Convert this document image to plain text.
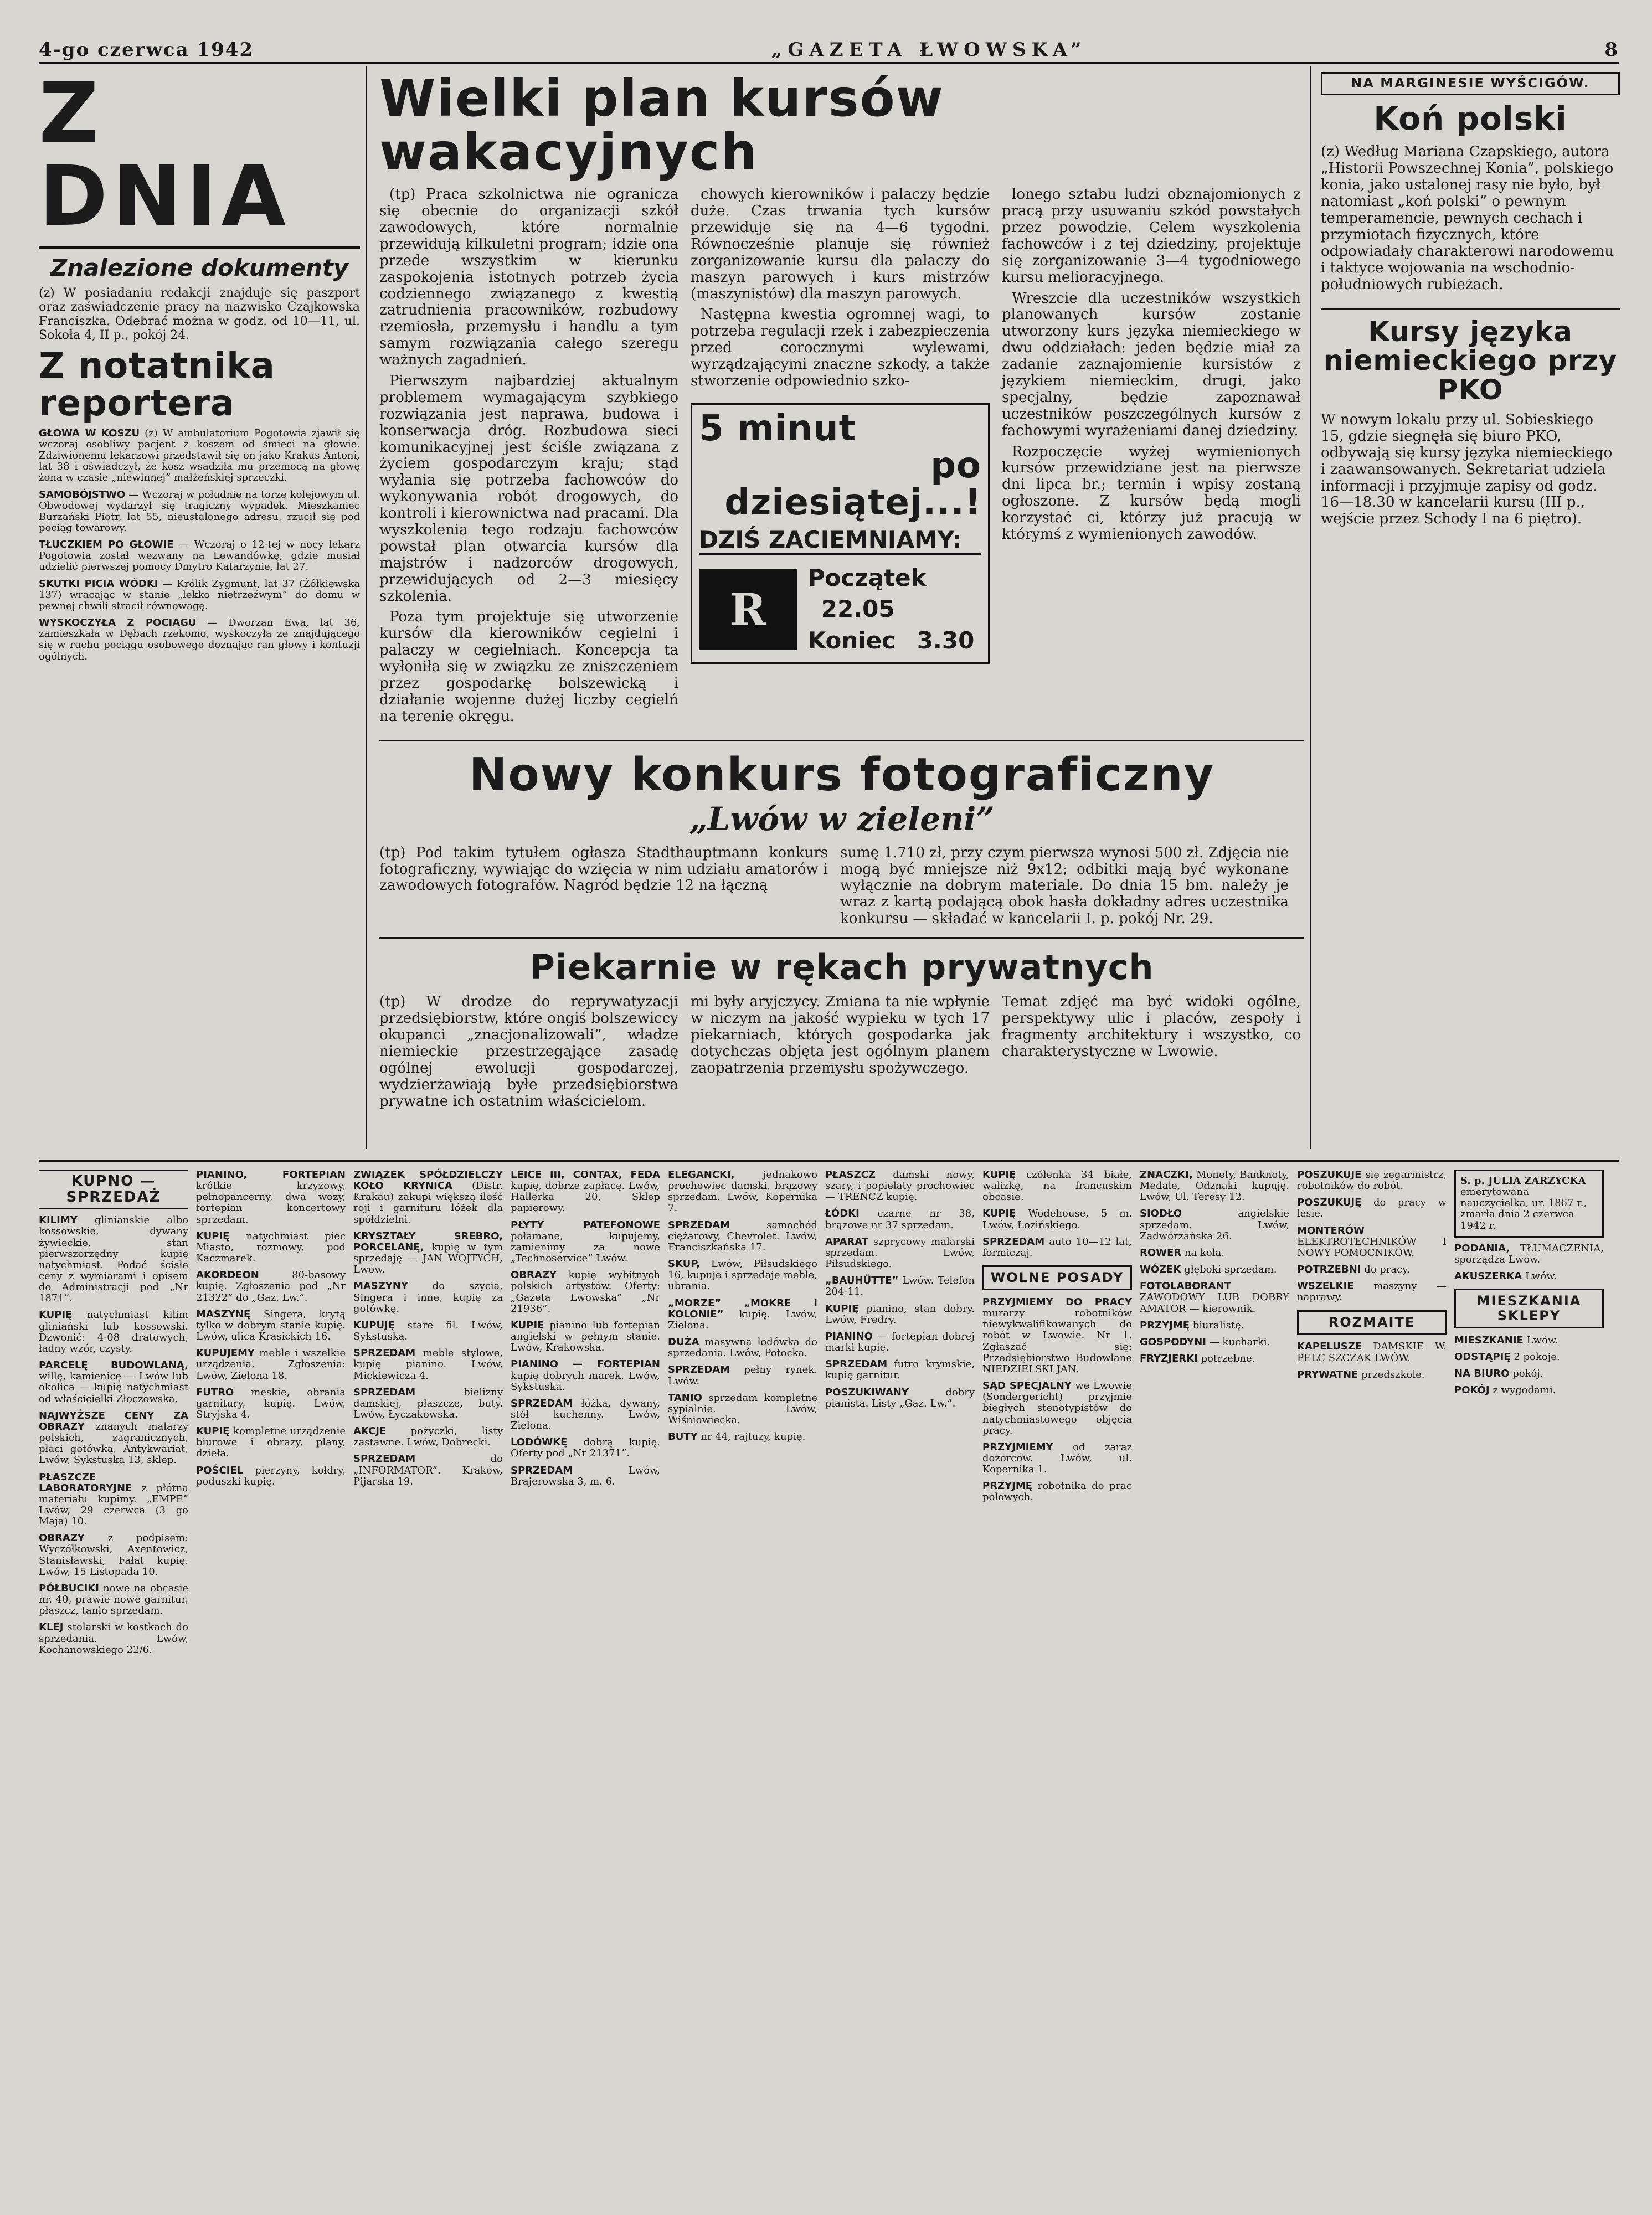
4-go czerwca 1942	„GAZETA ŁWOWSKA”	8
Z DNIA
Znalezione dokumenty

(z) W posiadaniu redakcji znajduje się paszport oraz zaświadczenie pracy na nazwisko Czajkowska Franciszka. Odebrać można w godz. od 10—11, ul. Sokoła 4, II p., pokój 24.

Z notatnika reportera
GŁOWA W KOSZU (z) W ambulatorium Pogotowia zjawił się wczoraj osobliwy pacjent z koszem od śmieci na głowie. Zdziwionemu lekarzowi przedstawił się on jako Krakus Antoni, lat 38 i oświadczył, że kosz wsadziła mu przemocą na głowę żona w czasie „niewinnej” małżeńskiej sprzeczki.
SAMOBÓJSTWO — Wczoraj w południe na torze kolejowym ul. Obwodowej wydarzył się tragiczny wypadek. Mieszkaniec Burzański Piotr, lat 55, nieustalonego adresu, rzucił się pod pociąg towarowy.
TŁUCZKIEM PO GŁOWIE — Wczoraj o 12-tej w nocy lekarz Pogotowia został wezwany na Lewandówkę, gdzie musiał udzielić pierwszej pomocy Dmytro Katarzynie, lat 27.
SKUTKI PICIA WÓDKI — Królik Zygmunt, lat 37 (Żółkiewska 137) wracając w stanie „lekko nietrzeźwym” do domu w pewnej chwili stracił równowagę.
WYSKOCZYŁA Z POCIĄGU — Dworzan Ewa, lat 36, zamieszkała w Dębach rzekomo, wyskoczyła ze znajdującego się w ruchu pociągu osobowego doznając ran głowy i kontuzji ogólnych.
Wielki plan kursów wakacyjnych

(tp) Praca szkolnictwa nie ogranicza się obecnie do organizacji szkół zawodowych, które normalnie przewidują kilkuletni program; idzie ona przede wszystkim w kierunku zaspokojenia istotnych potrzeb życia codziennego związanego z kwestią zatrudnienia pracowników, rozbudowy rzemiosła, przemysłu i handlu a tym samym rozwiązania całego szeregu ważnych zagadnień.

Pierwszym najbardziej aktualnym problemem wymagającym szybkiego rozwiązania jest naprawa, budowa i konserwacja dróg. Rozbudowa sieci komunikacyjnej jest ściśle związana z życiem gospodarczym kraju; stąd wyłania się potrzeba fachowców do wykonywania robót drogowych, do kontroli i kierownictwa nad pracami. Dla wyszkolenia tego rodzaju fachowców powstał plan otwarcia kursów dla majstrów i nadzorców drogowych, przewidujących od 2—3 miesięcy szkolenia.

Poza tym projektuje się utworzenie kursów dla kierowników cegielni i palaczy w cegielniach. Koncepcja ta wyłoniła się w związku ze zniszczeniem przez gospodarkę bolszewicką i działanie wojenne dużej liczby cegielń na terenie okręgu.

chowych kierowników i palaczy będzie duże. Czas trwania tych kursów przewiduje się na 4—6 tygodni. Równocześnie planuje się również zorganizowanie kursu dla palaczy do maszyn parowych i kurs mistrzów (maszynistów) dla maszyn parowych.

Następna kwestia ogromnej wagi, to potrzeba regulacji rzek i zabezpieczenia przed corocznymi wylewami, wyrządzającymi znaczne szkody, a także stworzenie odpowiednio szko-

5 minut
po dziesiątej...!
DZIŚ ZACIEMNIAMY:
R
Początek 22.05
Koniec 3.30

lonego sztabu ludzi obznajomionych z pracą przy usuwaniu szkód powstałych przez powodzie. Celem wyszkolenia fachowców i z tej dziedziny, projektuje się zorganizowanie 3—4 tygodniowego kursu melioracyjnego.

Wreszcie dla uczestników wszystkich planowanych kursów zostanie utworzony kurs języka niemieckiego w dwu oddziałach: jeden będzie miał za zadanie zaznajomienie kursistów z językiem niemieckim, drugi, jako specjalny, będzie zapoznawał uczestników poszczególnych kursów z fachowymi wyrażeniami danej dziedziny.

Rozpoczęcie wyżej wymienionych kursów przewidziane jest na pierwsze dni lipca br.; termin i wpisy zostaną ogłoszone. Z kursów będą mogli korzystać ci, którzy już pracują w którymś z wymienionych zawodów.

Nowy konkurs fotograficzny
„Lwów w zieleni”

(tp) Pod takim tytułem ogłasza Stadthauptmann konkurs fotograficzny, wywiając do wzięcia w nim udziału amatorów i zawodowych fotografów. Nagród będzie 12 na łączną

sumę 1.710 zł, przy czym pierwsza wynosi 500 zł. Zdjęcia nie mogą być mniejsze niż 9x12; odbitki mają być wykonane wyłącznie na dobrym materiale. Do dnia 15 bm. należy je wraz z kartą podającą obok hasła dokładny adres uczestnika konkursu — składać w kancelarii I. p. pokój Nr. 29.

Piekarnie w rękach prywatnych

(tp) W drodze do reprywatyzacji przedsiębiorstw, które ongiś bolszewiccy okupanci „znacjonalizowali”, władze niemieckie przestrzegające zasadę ogólnej ewolucji gospodarczej, wydzierżawiają byłe przedsiębiorstwa prywatne ich ostatnim właścicielom.

mi były aryjczycy. Zmiana ta nie wpłynie w niczym na jakość wypieku w tych 17 piekarniach, których gospodarka jak dotychczas objęta jest ogólnym planem zaopatrzenia przemysłu spożywczego.

Temat zdjęć ma być widoki ogólne, perspektywy ulic i placów, zespoły i fragmenty architektury i wszystko, co charakterystyczne w Lwowie.

NA MARGINESIE WYŚCIGÓW.
Koń polski

(z) Według Mariana Czapskiego, autora „Historii Powszechnej Konia”, polskiego konia, jako ustalonej rasy nie było, był natomiast „koń polski” o pewnym temperamencie, pewnych cechach i przymiotach fizycznych, które odpowiadały charakterowi narodowemu i taktyce wojowania na wschodnio-południowych rubieżach.

Kursy języka niemieckiego przy PKO

W nowym lokalu przy ul. Sobieskiego 15, gdzie siegnęła się biuro PKO, odbywają się kursy języka niemieckiego i zaawansowanych. Sekretariat udziela informacji i przyjmuje zapisy od godz. 16—18.30 w kancelarii kursu (III p., wejście przez Schody I na 6 piętro).

KUPNO — SPRZEDAŻ
KILIMY glinianskie albo kossowskie, dywany żywieckie, stan pierwszorzędny kupię natychmiast. Podać ścisłe ceny z wymiarami i opisem do Administracji pod „Nr 1871”.
KUPIĘ natychmiast kilim gliniański lub kossowski. Dzwonić: 4-08 dratowych, ładny wzór, czysty.
PARCELĘ BUDOWLANĄ, willę, kamienicę — Lwów lub okolica — kupię natychmiast od właścicielki Złoczowska.
NAJWYŻSZE CENY ZA OBRAZY znanych malarzy polskich, zagranicznych, płaci gotówką, Antykwariat, Lwów, Sykstuska 13, sklep.
PŁASZCZE LABORATORYJNE z płótna materiału kupimy. „EMPE” Lwów, 29 czerwca (3 go Maja) 10.
OBRAZY z podpisem: Wyczółkowski, Axentowicz, Stanisławski, Fałat kupię. Lwów, 15 Listopada 10.
PÓŁBUCIKI nowe na obcasie nr. 40, prawie nowe garnitur, płaszcz, tanio sprzedam.
KLEJ stolarski w kostkach do sprzedania. Lwów, Kochanowskiego 22/6.
PIANINO, FORTEPIAN krótkie krzyżowy, pełnopancerny, dwa wozy, fortepian koncertowy sprzedam.
KUPIĘ natychmiast piec Miasto, rozmowy, pod Kaczmarek.
AKORDEON	80-basowy kupię. Zgłoszenia pod „Nr 21322” do „Gaz. Lw.”.
MASZYNĘ Singera, krytą tylko w dobrym stanie kupię. Lwów, ulica Krasickich 16.
KUPUJEMY meble i wszelkie urządzenia. Zgłoszenia: Lwów, Zielona 18.
FUTRO męskie, obrania garnitury, kupię. Lwów, Stryjska 4.
KUPIĘ kompletne urządzenie biurowe i obrazy, plany, dzieła.
POŚCIEL pierzyny, kołdry, poduszki kupię.
ZWIĄZEK SPÓŁDZIELCZY KOŁO KRYNICA (Distr. Krakau) zakupi większą ilość roji i garnituru łóżek dla spółdzielni.
KRYSZTAŁY SREBRO, PORCELANĘ, kupię w tym sprzedaję — JAN WOJTYCH, Lwów.
MASZYNY do szycia, Singera i inne, kupię za gotówkę.
KUPUJĘ stare fil. Lwów, Sykstuska.
SPRZEDAM meble stylowe, kupię pianino. Lwów, Mickiewicza 4.
SPRZEDAM	bielizny damskiej, płaszcze, buty. Lwów, Łyczakowska.
AKCJE pożyczki, listy zastawne. Lwów, Dobrecki.
SPRZEDAM	do „INFORMATOR”. Kraków, Pijarska 19.
LEICE III, CONTAX, FEDA kupię, dobrze zapłacę. Lwów, Hallerka 20, Sklep papierowy.
PŁYTY PATEFONOWE połamane, kupujemy, zamienimy za nowe „Technoservice” Lwów.
OBRAZY kupię wybitnych polskich artystów. Oferty: „Gazeta Lwowska” „Nr 21936”.
KUPIĘ pianino lub fortepian angielski w pełnym stanie. Lwów, Krakowska.
PIANINO — FORTEPIAN kupię dobrych marek. Lwów, Sykstuska.
SPRZEDAM łóżka, dywany, stół kuchenny. Lwów, Zielona.
LODÓWKĘ dobrą kupię. Oferty pod „Nr 21371”.
SPRZEDAM	Lwów, Brajerowska 3, m. 6.
ELEGANCKI,	jednakowo prochowiec damski, brązowy sprzedam. Lwów, Kopernika 7.
SPRZEDAM	samochód ciężarowy, Chevrolet. Lwów, Franciszkańska 17.
SKUP, Lwów, Piłsudskiego 16, kupuje i sprzedaje meble, ubrania.
„MORZE” „MOKRE I KOLONIE” kupię. Lwów, Zielona.
DUŻA masywna lodówka do sprzedania. Lwów, Potocka.
SPRZEDAM pełny rynek. Lwów.
TANIO sprzedam kompletne sypialnie. Lwów, Wiśniowiecka.
BUTY nr 44, rajtuzy, kupię.
PŁASZCZ damski nowy, szary, i popielaty prochowiec — TRENCZ kupię.
ŁÓDKI czarne nr 38, brązowe nr 37 sprzedam.
APARAT szprycowy malarski sprzedam. Lwów, Piłsudskiego.
„BAUHÜTTE” Lwów. Telefon 204-11.
KUPIĘ pianino, stan dobry. Lwów, Fredry.
PIANINO — fortepian dobrej marki kupię.
SPRZEDAM futro krymskie, kupię garnitur.
POSZUKIWANY	dobry pianista. Listy „Gaz. Lw.”.
KUPIĘ czółenka 34 białe, walizkę, na francuskim obcasie.
KUPIĘ Wodehouse, 5 m. Lwów, Łozińskiego.
SPRZEDAM auto 10—12 lat, formiczaj.
WOLNE POSADY
PRZYJMIEMY DO PRACY murarzy robotników niewykwalifikowanych do robót w Lwowie. Nr 1. Zgłaszać się: Przedsiębiorstwo Budowlane NIEDZIELSKI JAN.
SĄD SPECJALNY we Lwowie (Sondergericht) przyjmie biegłych stenotypistów do natychmiastowego objęcia pracy.
PRZYJMIEMY od zaraz dozorców. Lwów, ul. Kopernika 1.
PRZYJMĘ robotnika do prac polowych.
ZNACZKI, Monety, Banknoty, Medale, Odznaki kupuję. Lwów, Ul. Teresy 12.
SIODŁO	angielskie sprzedam. Lwów, Zadwórzańska 26.
ROWER na koła.
WÓZEK głęboki sprzedam.
FOTOLABORANT ZAWODOWY LUB DOBRY AMATOR — kierownik.
PRZYJMĘ biuralistę.
GOSPODYNI — kucharki.
FRYZJERKI potrzebne.
POSZUKUJE się zegarmistrz, robotników do robót.
POSZUKUJĘ do pracy w lesie.
MONTERÓW ELEKTROTECHNIKÓW I NOWY POMOCNIKÓW.
POTRZEBNI do pracy.
WSZELKIE maszyny — naprawy.
ROZMAITE
KAPELUSZE DAMSKIE W. PELC SZCZAK LWÓW.
PRYWATNE przedszkole.
S. p. JULIA ZARZYCKA
emerytowana nauczycielka, ur. 1867 r., zmarła dnia 2 czerwca 1942 r.
PODANIA, TŁUMACZENIA, sporządza Lwów.
AKUSZERKA Lwów.
MIESZKANIA SKLEPY
MIESZKANIE Lwów.
ODSTĄPIĘ 2 pokoje.
NA BIURO pokój.
POKÓJ z wygodami.
